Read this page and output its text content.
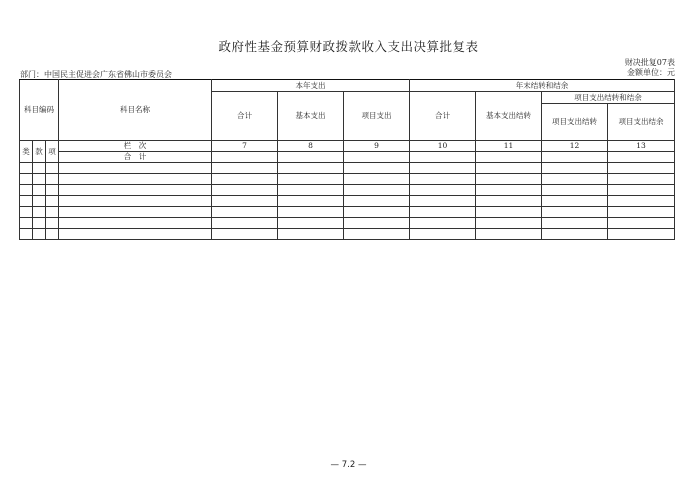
政府性基金预算财政拨款收入支出决算批复表
财决批复07表
金额单位：元
部门：中国民主促进会广东省佛山市委员会
科目编码			科目名称	本年支出			年末结转和结余			
				合计	基本支出	项目支出	合计	基本支出结转	项目支出结转和结余	
									项目支出结转	项目支出结余
类	款	项	栏　次	7	8	9	10	11	12	13
			合　计							

— 7.2 —
